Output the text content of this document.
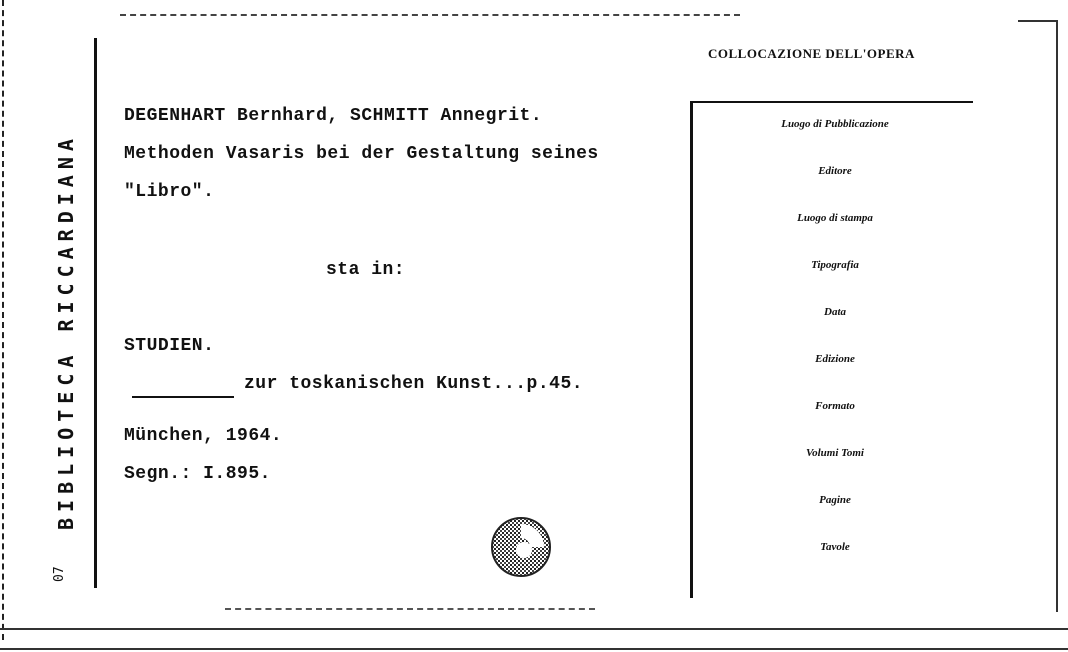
BIBLIOTECA RICCARDIANA
07
DEGENHART Bernhard, SCHMITT Annegrit.
Methoden Vasaris bei der Gestaltung seines
"Libro".
sta in:
STUDIEN.
zur toskanischen Kunst...p.45.
München, 1964.
Segn.: I.895.
COLLOCAZIONE DELL'OPERA
Luogo di Pubblicazione
Editore
Luogo di stampa
Tipografia
Data
Edizione
Formato
Volumi Tomi
Pagine
Tavole
